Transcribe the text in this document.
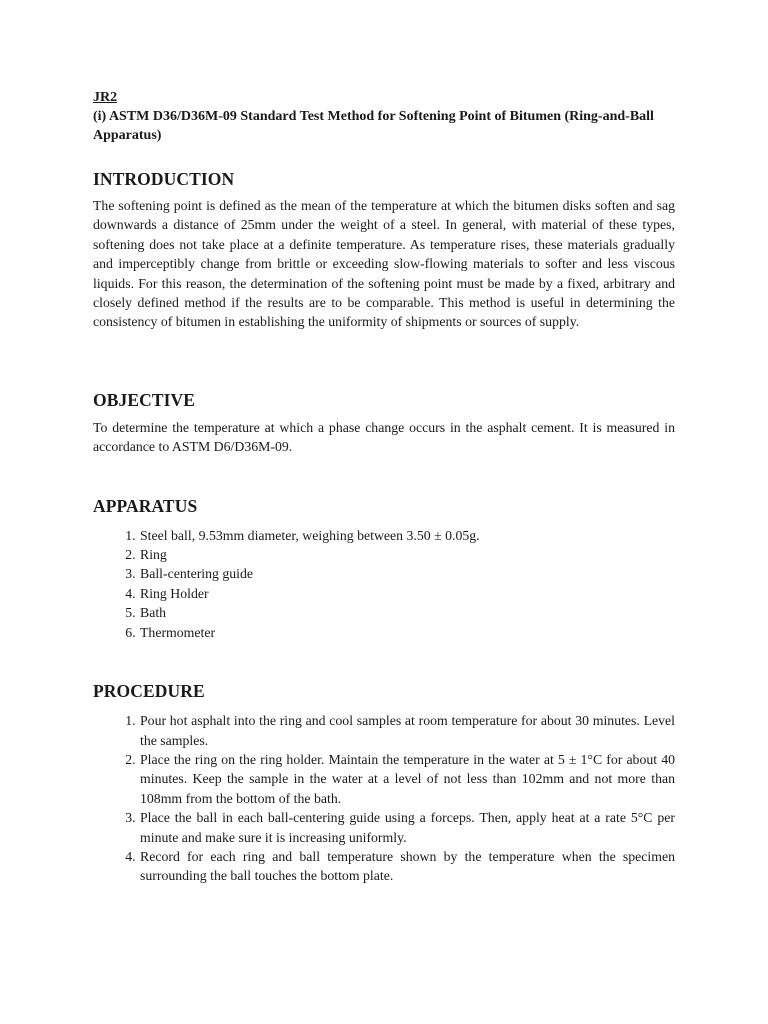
JR2

(i) ASTM D36/D36M-09 Standard Test Method for Softening Point of Bitumen (Ring-and-Ball Apparatus)

INTRODUCTION

The softening point is defined as the mean of the temperature at which the bitumen disks soften and sag downwards a distance of 25mm under the weight of a steel. In general, with material of these types, softening does not take place at a definite temperature. As temperature rises, these materials gradually and imperceptibly change from brittle or exceeding slow-flowing materials to softer and less viscous liquids. For this reason, the determination of the softening point must be made by a fixed, arbitrary and closely defined method if the results are to be comparable. This method is useful in determining the consistency of bitumen in establishing the uniformity of shipments or sources of supply.

OBJECTIVE

To determine the temperature at which a phase change occurs in the asphalt cement. It is measured in accordance to ASTM D6/D36M-09.

APPARATUS
1. Steel ball, 9.53mm diameter, weighing between 3.50 ± 0.05g.
2. Ring
3. Ball-centering guide
4. Ring Holder
5. Bath
6. Thermometer
PROCEDURE
1. Pour hot asphalt into the ring and cool samples at room temperature for about 30 minutes. Level the samples.
2. Place the ring on the ring holder. Maintain the temperature in the water at 5 ± 1°C for about 40 minutes. Keep the sample in the water at a level of not less than 102mm and not more than 108mm from the bottom of the bath.
3. Place the ball in each ball-centering guide using a forceps. Then, apply heat at a rate 5°C per minute and make sure it is increasing uniformly.
4. Record for each ring and ball temperature shown by the temperature when the specimen surrounding the ball touches the bottom plate.
